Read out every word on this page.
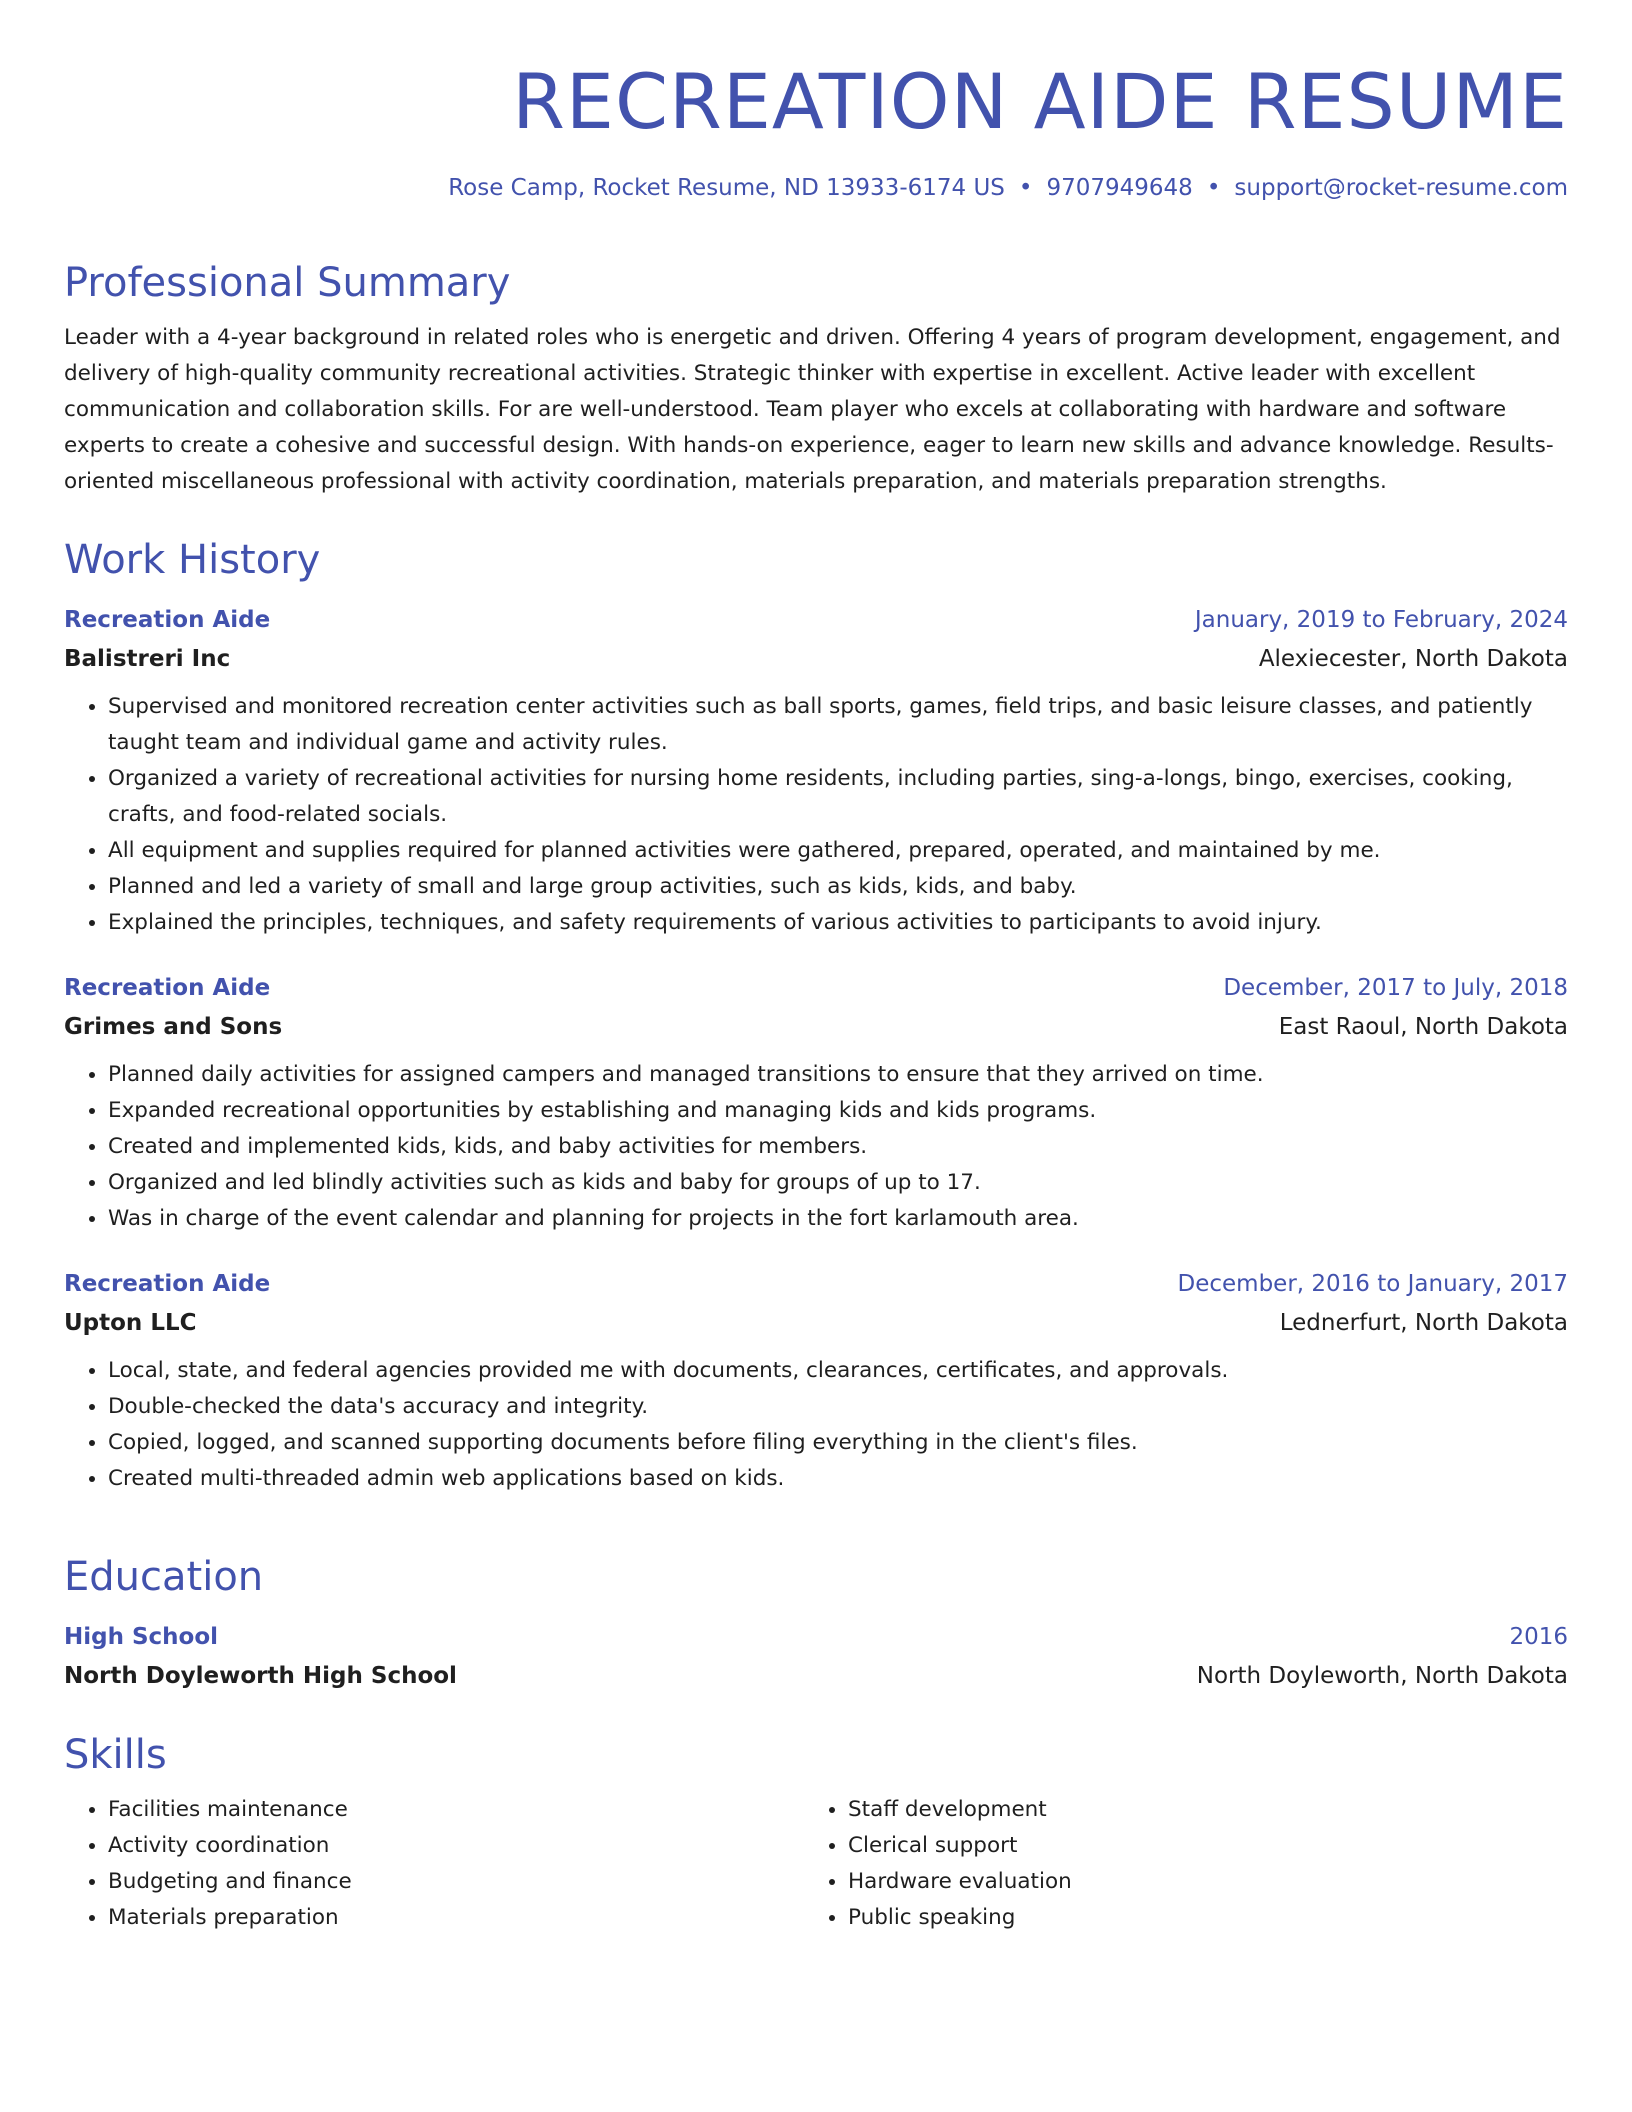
RECREATION AIDE RESUME
Rose Camp, Rocket Resume, ND 13933-6174 US • 9707949648 • support@rocket-resume.com
Professional Summary

Leader with a 4-year background in related roles who is energetic and driven. Offering 4 years of program development, engagement, and delivery of high-quality community recreational activities. Strategic thinker with expertise in excellent. Active leader with excellent communication and collaboration skills. For are well-understood. Team player who excels at collaborating with hardware and software experts to create a cohesive and successful design. With hands-on experience, eager to learn new skills and advance knowledge. Results-oriented miscellaneous professional with activity coordination, materials preparation, and materials preparation strengths.

Work History
Recreation Aide	January, 2019 to February, 2024
Balistreri Inc	Alexiecester, North Dakota
• Supervised and monitored recreation center activities such as ball sports, games, field trips, and basic leisure classes, and patiently taught team and individual game and activity rules.
• Organized a variety of recreational activities for nursing home residents, including parties, sing-a-longs, bingo, exercises, cooking, crafts, and food-related socials.
• All equipment and supplies required for planned activities were gathered, prepared, operated, and maintained by me.
• Planned and led a variety of small and large group activities, such as kids, kids, and baby.
• Explained the principles, techniques, and safety requirements of various activities to participants to avoid injury.
Recreation Aide	December, 2017 to July, 2018
Grimes and Sons	East Raoul, North Dakota
• Planned daily activities for assigned campers and managed transitions to ensure that they arrived on time.
• Expanded recreational opportunities by establishing and managing kids and kids programs.
• Created and implemented kids, kids, and baby activities for members.
• Organized and led blindly activities such as kids and baby for groups of up to 17.
• Was in charge of the event calendar and planning for projects in the fort karlamouth area.
Recreation Aide	December, 2016 to January, 2017
Upton LLC	Lednerfurt, North Dakota
• Local, state, and federal agencies provided me with documents, clearances, certificates, and approvals.
• Double-checked the data's accuracy and integrity.
• Copied, logged, and scanned supporting documents before filing everything in the client's files.
• Created multi-threaded admin web applications based on kids.
Education
High School	2016
North Doyleworth High School	North Doyleworth, North Dakota
Skills
• Facilities maintenance
• Activity coordination
• Budgeting and finance
• Materials preparation
• Staff development
• Clerical support
• Hardware evaluation
• Public speaking
